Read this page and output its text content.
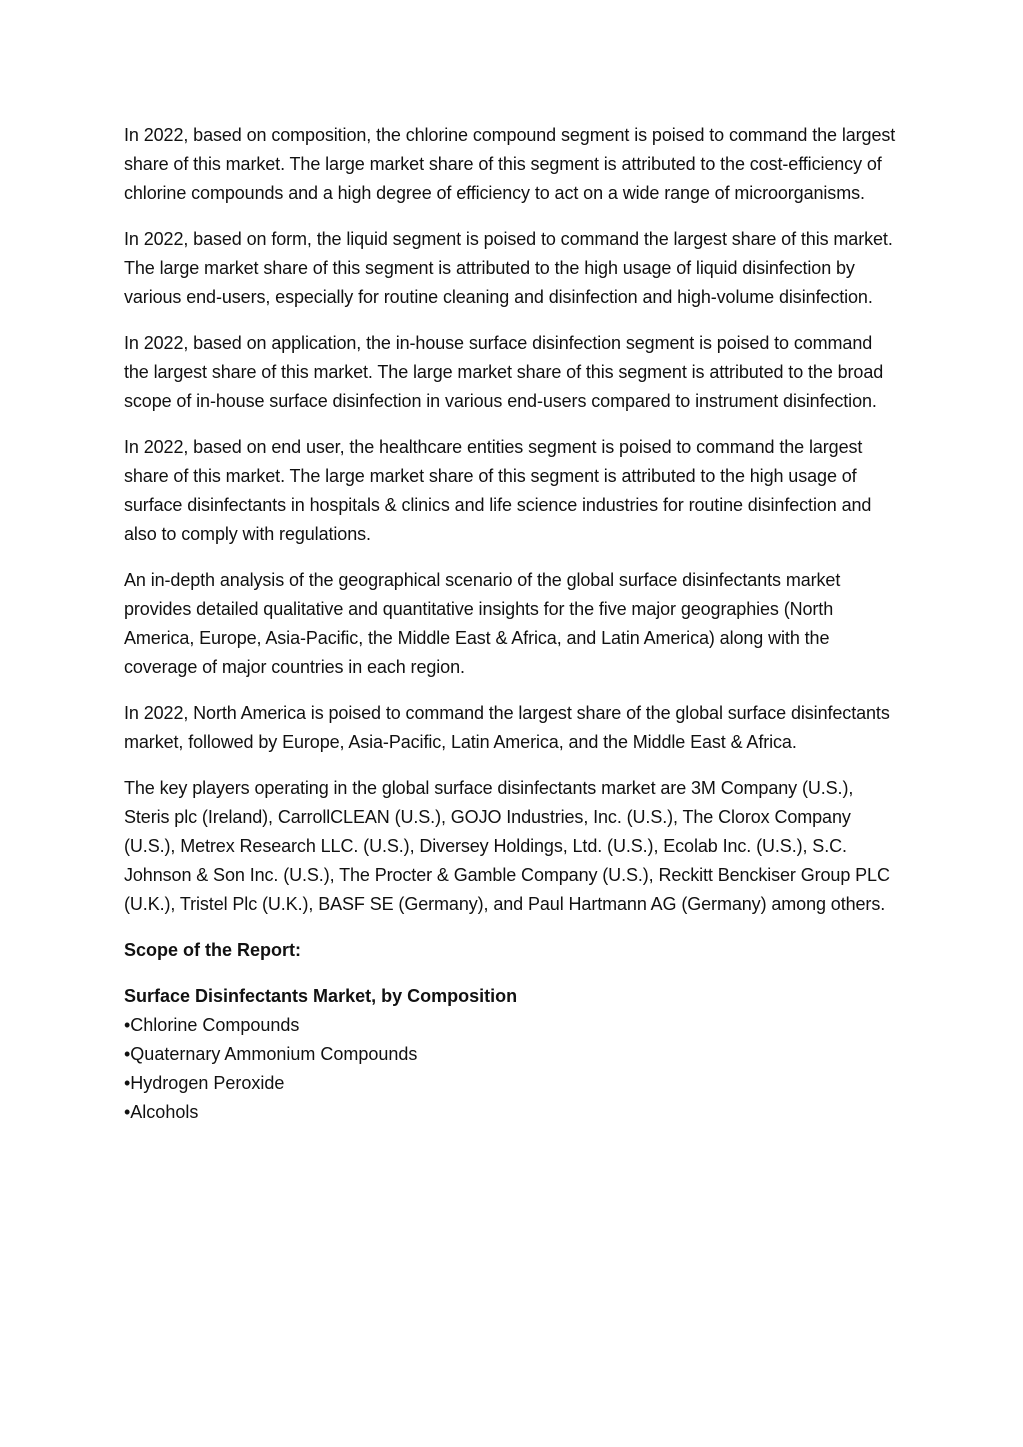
In 2022, based on composition, the chlorine compound segment is poised to command the largest share of this market. The large market share of this segment is attributed to the cost-efficiency of chlorine compounds and a high degree of efficiency to act on a wide range of microorganisms.

In 2022, based on form, the liquid segment is poised to command the largest share of this market. The large market share of this segment is attributed to the high usage of liquid disinfection by various end-users, especially for routine cleaning and disinfection and high-volume disinfection.

In 2022, based on application, the in-house surface disinfection segment is poised to command the largest share of this market. The large market share of this segment is attributed to the broad scope of in-house surface disinfection in various end-users compared to instrument disinfection.

In 2022, based on end user, the healthcare entities segment is poised to command the largest share of this market. The large market share of this segment is attributed to the high usage of surface disinfectants in hospitals & clinics and life science industries for routine disinfection and also to comply with regulations.

An in-depth analysis of the geographical scenario of the global surface disinfectants market provides detailed qualitative and quantitative insights for the five major geographies (North America, Europe, Asia-Pacific, the Middle East & Africa, and Latin America) along with the coverage of major countries in each region.

In 2022, North America is poised to command the largest share of the global surface disinfectants market, followed by Europe, Asia-Pacific, Latin America, and the Middle East & Africa.

The key players operating in the global surface disinfectants market are 3M Company (U.S.), Steris plc (Ireland), CarrollCLEAN (U.S.), GOJO Industries, Inc. (U.S.), The Clorox Company (U.S.), Metrex Research LLC. (U.S.), Diversey Holdings, Ltd. (U.S.), Ecolab Inc. (U.S.), S.C. Johnson & Son Inc. (U.S.), The Procter & Gamble Company (U.S.), Reckitt Benckiser Group PLC (U.K.), Tristel Plc (U.K.), BASF SE (Germany), and Paul Hartmann AG (Germany) among others.

Scope of the Report:

Surface Disinfectants Market, by Composition

•Chlorine Compounds
•Quaternary Ammonium Compounds
•Hydrogen Peroxide
•Alcohols
